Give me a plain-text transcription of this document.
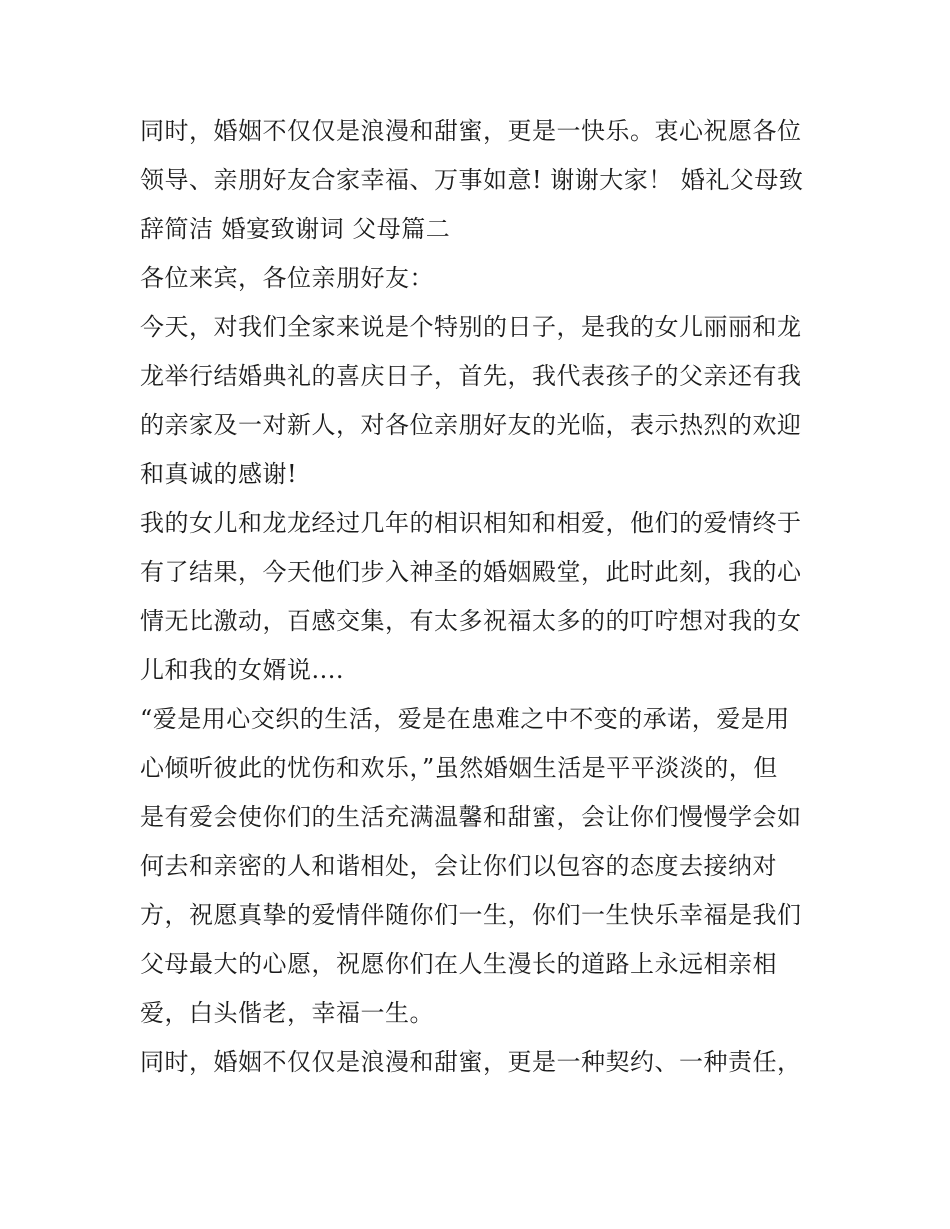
同时，婚姻不仅仅是浪漫和甜蜜，更是一快乐。衷心祝愿各位
领导、亲朋好友合家幸福、万事如意! 谢谢大家！ 婚礼父母致
辞简洁 婚宴致谢词 父母篇二
各位来宾，各位亲朋好友：
今天，对我们全家来说是个特别的日子，是我的女儿丽丽和龙
龙举行结婚典礼的喜庆日子，首先，我代表孩子的父亲还有我
的亲家及一对新人，对各位亲朋好友的光临，表示热烈的欢迎
和真诚的感谢!
我的女儿和龙龙经过几年的相识相知和相爱，他们的爱情终于
有了结果，今天他们步入神圣的婚姻殿堂，此时此刻，我的心
情无比激动，百感交集，有太多祝福太多的的叮咛想对我的女
儿和我的女婿说....
“爱是用心交织的生活，爱是在患难之中不变的承诺，爱是用
心倾听彼此的忧伤和欢乐，”虽然婚姻生活是平平淡淡的，但
是有爱会使你们的生活充满温馨和甜蜜，会让你们慢慢学会如
何去和亲密的人和谐相处，会让你们以包容的态度去接纳对
方，祝愿真挚的爱情伴随你们一生，你们一生快乐幸福是我们
父母最大的心愿，祝愿你们在人生漫长的道路上永远相亲相
爱，白头偕老，幸福一生。
同时，婚姻不仅仅是浪漫和甜蜜，更是一种契约、一种责任，
